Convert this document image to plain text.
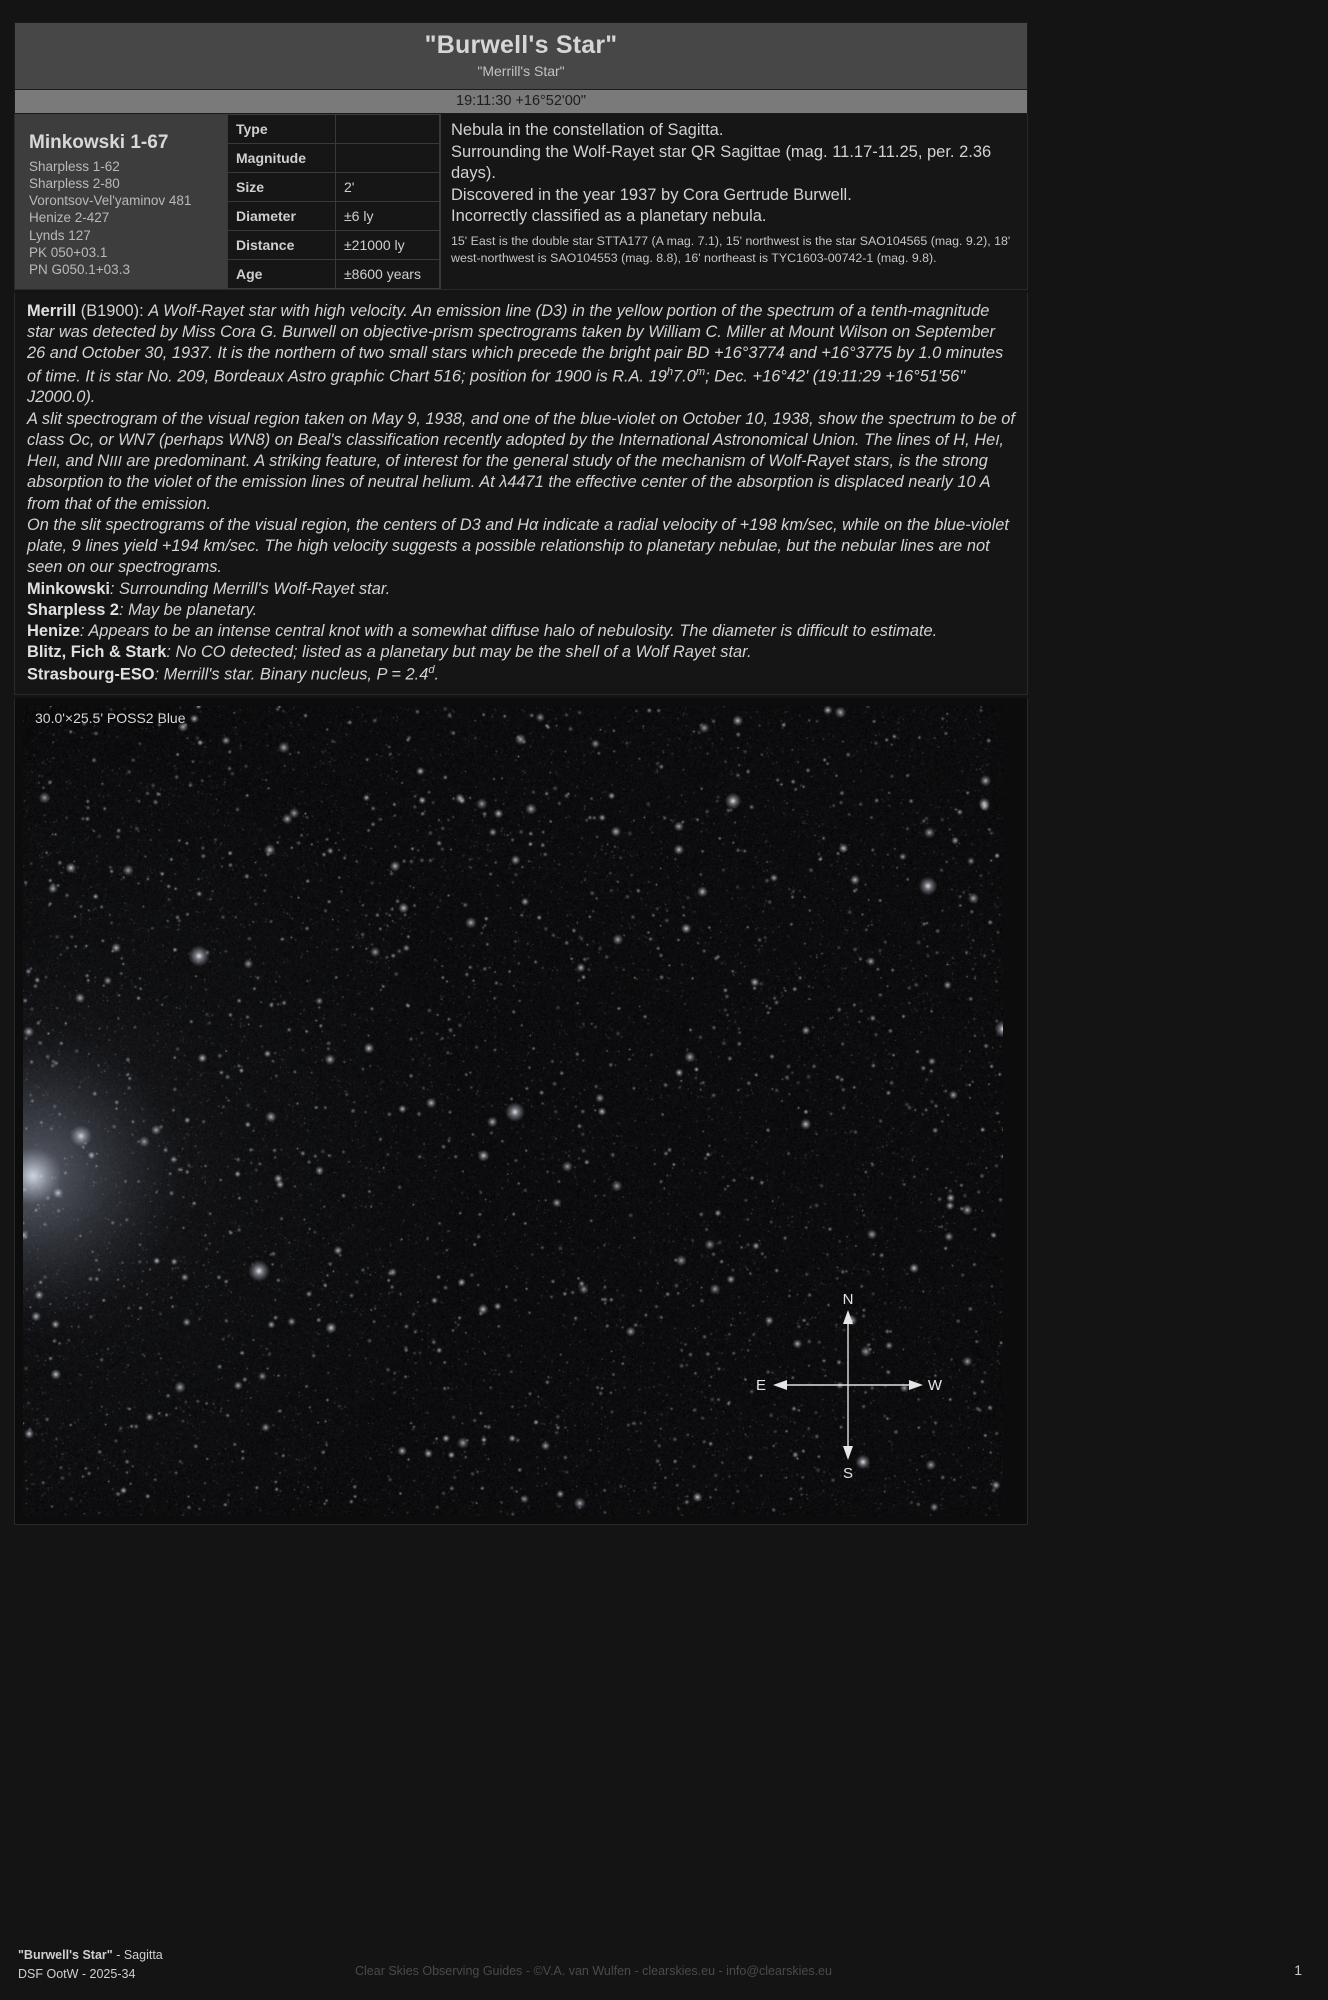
"Burwell's Star"
"Merrill's Star"
19:11:30 +16°52'00"
Minkowski 1-67
Sharpless 1-62
Sharpless 2-80
Vorontsov-Vel'yaminov 481
Henize 2-427
Lynds 127
PK 050+03.1
PN G050.1+03.3
Type	
Magnitude	
Size	2'
Diameter	±6 ly
Distance	±21000 ly
Age	±8600 years
Nebula in the constellation of Sagitta.
Surrounding the Wolf-Rayet star QR Sagittae (mag. 11.17-11.25, per. 2.36 days).
Discovered in the year 1937 by Cora Gertrude Burwell.
Incorrectly classified as a planetary nebula.
15' East is the double star STTA177 (A mag. 7.1), 15' northwest is the star SAO104565 (mag. 9.2), 18' west-northwest is SAO104553 (mag. 8.8), 16' northeast is TYC1603-00742-1 (mag. 9.8).

Merrill (B1900): A Wolf-Rayet star with high velocity. An emission line (D3) in the yellow portion of the spectrum of a tenth-magnitude star was detected by Miss Cora G. Burwell on objective-prism spectrograms taken by William C. Miller at Mount Wilson on September 26 and October 30, 1937. It is the northern of two small stars which precede the bright pair BD +16°3774 and +16°3775 by 1.0 minutes of time. It is star No. 209, Bordeaux Astro graphic Chart 516; position for 1900 is R.A. 19$^h$7.0$^m$; Dec. +16°42' (19:11:29 +16°51'56" J2000.0).

A slit spectrogram of the visual region taken on May 9, 1938, and one of the blue-violet on October 10, 1938, show the spectrum to be of class Oc, or WN7 (perhaps WN8) on Beal's classification recently adopted by the International Astronomical Union. The lines of H, HeI, HeII, and NIII are predominant. A striking feature, of interest for the general study of the mechanism of Wolf-Rayet stars, is the strong absorption to the violet of the emission lines of neutral helium. At λ4471 the effective center of the absorption is displaced nearly 10 A from that of the emission.

On the slit spectrograms of the visual region, the centers of D3 and Hα indicate a radial velocity of +198 km/sec, while on the blue-violet plate, 9 lines yield +194 km/sec. The high velocity suggests a possible relationship to planetary nebulae, but the nebular lines are not seen on our spectrograms.

Minkowski: Surrounding Merrill's Wolf-Rayet star.

Sharpless 2: May be planetary.

Henize: Appears to be an intense central knot with a somewhat diffuse halo of nebulosity. The diameter is difficult to estimate.

Blitz, Fich & Stark: No CO detected; listed as a planetary but may be the shell of a Wolf Rayet star.

Strasbourg-ESO: Merrill's star. Binary nucleus, P = 2.4$^d$.

30.0'×25.5' POSS2 Blue
N
S
E	W
"Burwell's Star" - Sagitta
DSF OotW - 2025-34	Clear Skies Observing Guides - ©V.A. van Wulfen - clearskies.eu - info@clearskies.eu	1
